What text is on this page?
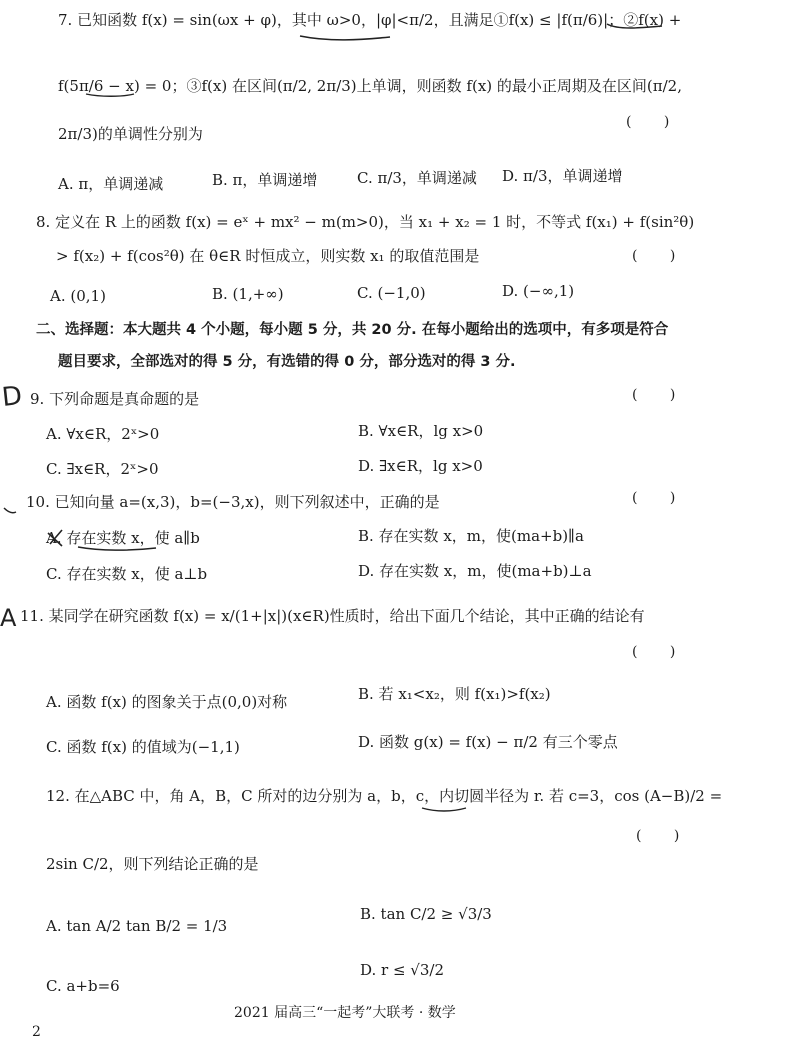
7. 已知函数 f(x) = sin(ωx + φ)，其中 ω>0，|φ|<π/2，且满足①f(x) ≤ |f(π/6)|；②f(x) +
f(5π/6 − x) = 0；③f(x) 在区间(π/2, 2π/3)上单调，则函数 f(x) 的最小正周期及在区间(π/2,
2π/3)的单调性分别为
( )
A. π，单调递减	B. π，单调递增	C. π/3，单调递减 D. π/3，单调递增
8. 定义在 R 上的函数 f(x) = eˣ + mx² − m(m>0)，当 x₁ + x₂ = 1 时，不等式 f(x₁) + f(sin²θ)
> f(x₂) + f(cos²θ) 在 θ∈R 时恒成立，则实数 x₁ 的取值范围是	( )
A. (0,1)	B. (1,+∞)	C. (−1,0)	D. (−∞,1)
二、选择题：本大题共 4 个小题，每小题 5 分，共 20 分. 在每小题给出的选项中，有多项是符合
题目要求，全部选对的得 5 分，有选错的得 0 分，部分选对的得 3 分.
D 9. 下列命题是真命题的是	( )
A. ∀x∈R，2ˣ>0	B. ∀x∈R，lg x>0
C. ∃x∈R，2ˣ>0	D. ∃x∈R，lg x>0
10. 已知向量 a=(x,3)，b=(−3,x)，则下列叙述中，正确的是	( )
A. 存在实数 x，使 a∥b	B. 存在实数 x，m，使(ma+b)∥a
C. 存在实数 x，使 a⊥b	D. 存在实数 x，m，使(ma+b)⊥a
A 11. 某同学在研究函数 f(x) = x/(1+|x|)(x∈R)性质时，给出下面几个结论，其中正确的结论有
( )
A. 函数 f(x) 的图象关于点(0,0)对称	B. 若 x₁<x₂，则 f(x₁)>f(x₂)
C. 函数 f(x) 的值域为(−1,1)	D. 函数 g(x) = f(x) − π/2 有三个零点
12. 在△ABC 中，角 A，B，C 所对的边分别为 a，b，c，内切圆半径为 r. 若 c=3，cos (A−B)/2 =
( )
2sin C/2，则下列结论正确的是
A. tan A/2 tan B/2 = 1/3
B. tan C/2 ≥ √3/3
C. a+b=6
D. r ≤ √3/2
2021 届高三“一起考”大联考 · 数学
2
